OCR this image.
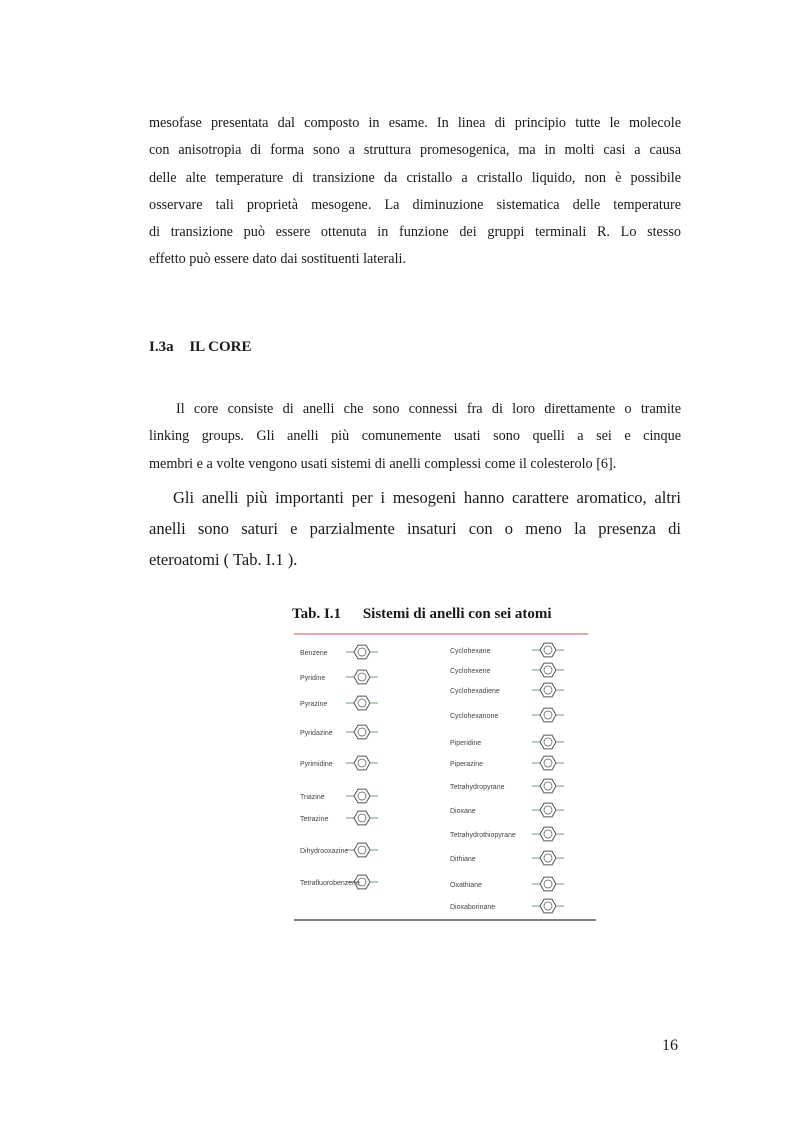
mesofase presentata dal composto in esame. In linea di principio tutte le molecole
con anisotropia di forma sono a struttura promesogenica, ma in molti casi a causa
delle alte temperature di transizione da cristallo a cristallo liquido, non è possibile
osservare tali proprietà mesogene. La diminuzione sistematica delle temperature
di transizione può essere ottenuta in funzione dei gruppi terminali R. Lo stesso
effetto può essere dato dai sostituenti laterali.
I.3a IL CORE
Il core consiste di anelli che sono connessi fra di loro direttamente o tramite
linking groups. Gli anelli più comunemente usati sono quelli a sei e cinque
membri e a volte vengono usati sistemi di anelli complessi come il colesterolo [6].
Gli anelli più importanti per i mesogeni hanno carattere aromatico, altri
anelli sono saturi e parzialmente insaturi con o meno la presenza di
eteroatomi ( Tab. I.1 ).

Tab. I.1 Sistemi di anelli con sei atomi

Benzene
Pyridine
Pyrazine
Pyridazine
Pyrimidine
Triazine
Tetrazine
Dihydrooxazine
Tetrafluorobenzene
Cyclohexane
Cyclohexene
Cyclohexadiene
Cyclohexanone
Piperidine
Piperazine
Tetrahydropyrane
Dioxane
Tetrahydrothiopyrane
Dithiane
Oxathiane
Dioxaborinane

16
